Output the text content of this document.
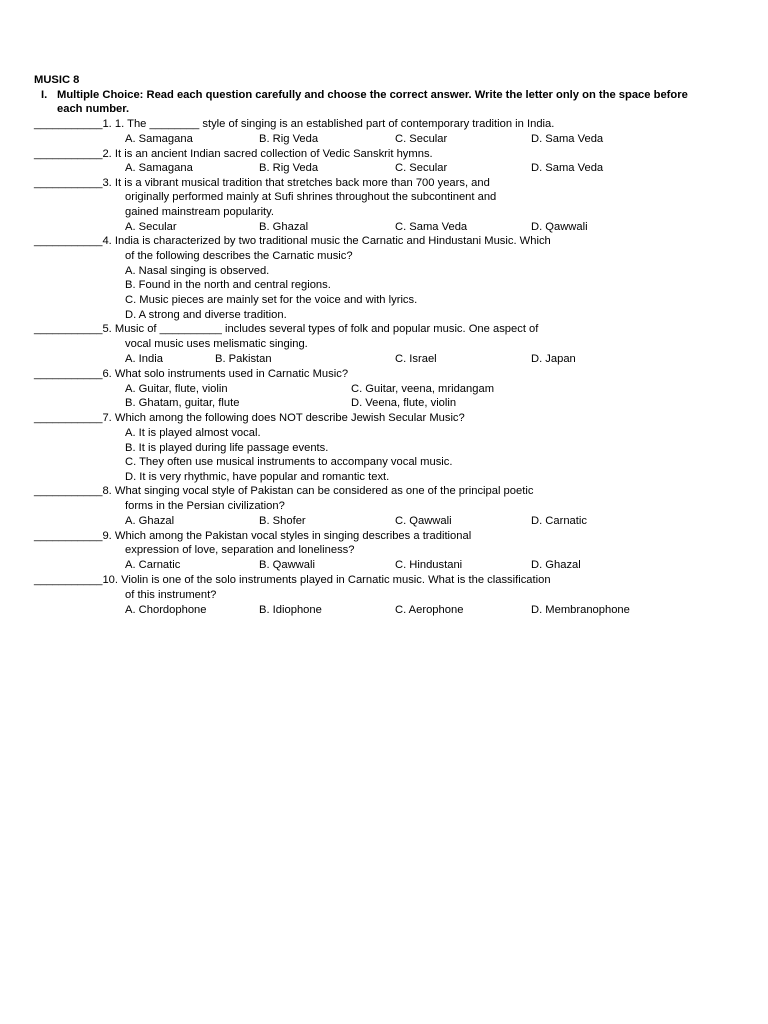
MUSIC 8
I. Multiple Choice: Read each question carefully and choose the correct answer. Write the letter only on the space before
each number.
___________1. 1. The ________ style of singing is an established part of contemporary tradition in India.
A. Samagana	B. Rig Veda	C. Secular	D. Sama Veda
___________2. It is an ancient Indian sacred collection of Vedic Sanskrit hymns.
A. Samagana	B. Rig Veda	C. Secular	D. Sama Veda
___________3. It is a vibrant musical tradition that stretches back more than 700 years, and
originally performed mainly at Sufi shrines throughout the subcontinent and
gained mainstream popularity.
A. Secular	B. Ghazal	C. Sama Veda	D. Qawwali
___________4. India is characterized by two traditional music the Carnatic and Hindustani Music. Which
of the following describes the Carnatic music?
A. Nasal singing is observed.
B. Found in the north and central regions.
C. Music pieces are mainly set for the voice and with lyrics.
D. A strong and diverse tradition.
___________5. Music of __________ includes several types of folk and popular music. One aspect of
vocal music uses melismatic singing.
A. India	B. Pakistan	C. Israel	D. Japan
___________6. What solo instruments used in Carnatic Music?
A. Guitar, flute, violin	C. Guitar, veena, mridangam
B. Ghatam, guitar, flute	D. Veena, flute, violin
___________7. Which among the following does NOT describe Jewish Secular Music?
A. It is played almost vocal.
B. It is played during life passage events.
C. They often use musical instruments to accompany vocal music.
D. It is very rhythmic, have popular and romantic text.
___________8. What singing vocal style of Pakistan can be considered as one of the principal poetic
forms in the Persian civilization?
A. Ghazal	B. Shofer	C. Qawwali	D. Carnatic
___________9. Which among the Pakistan vocal styles in singing describes a traditional
expression of love, separation and loneliness?
A. Carnatic	B. Qawwali	C. Hindustani	D. Ghazal
___________10. Violin is one of the solo instruments played in Carnatic music. What is the classification
of this instrument?
A. Chordophone	B. Idiophone	C. Aerophone	D. Membranophone
